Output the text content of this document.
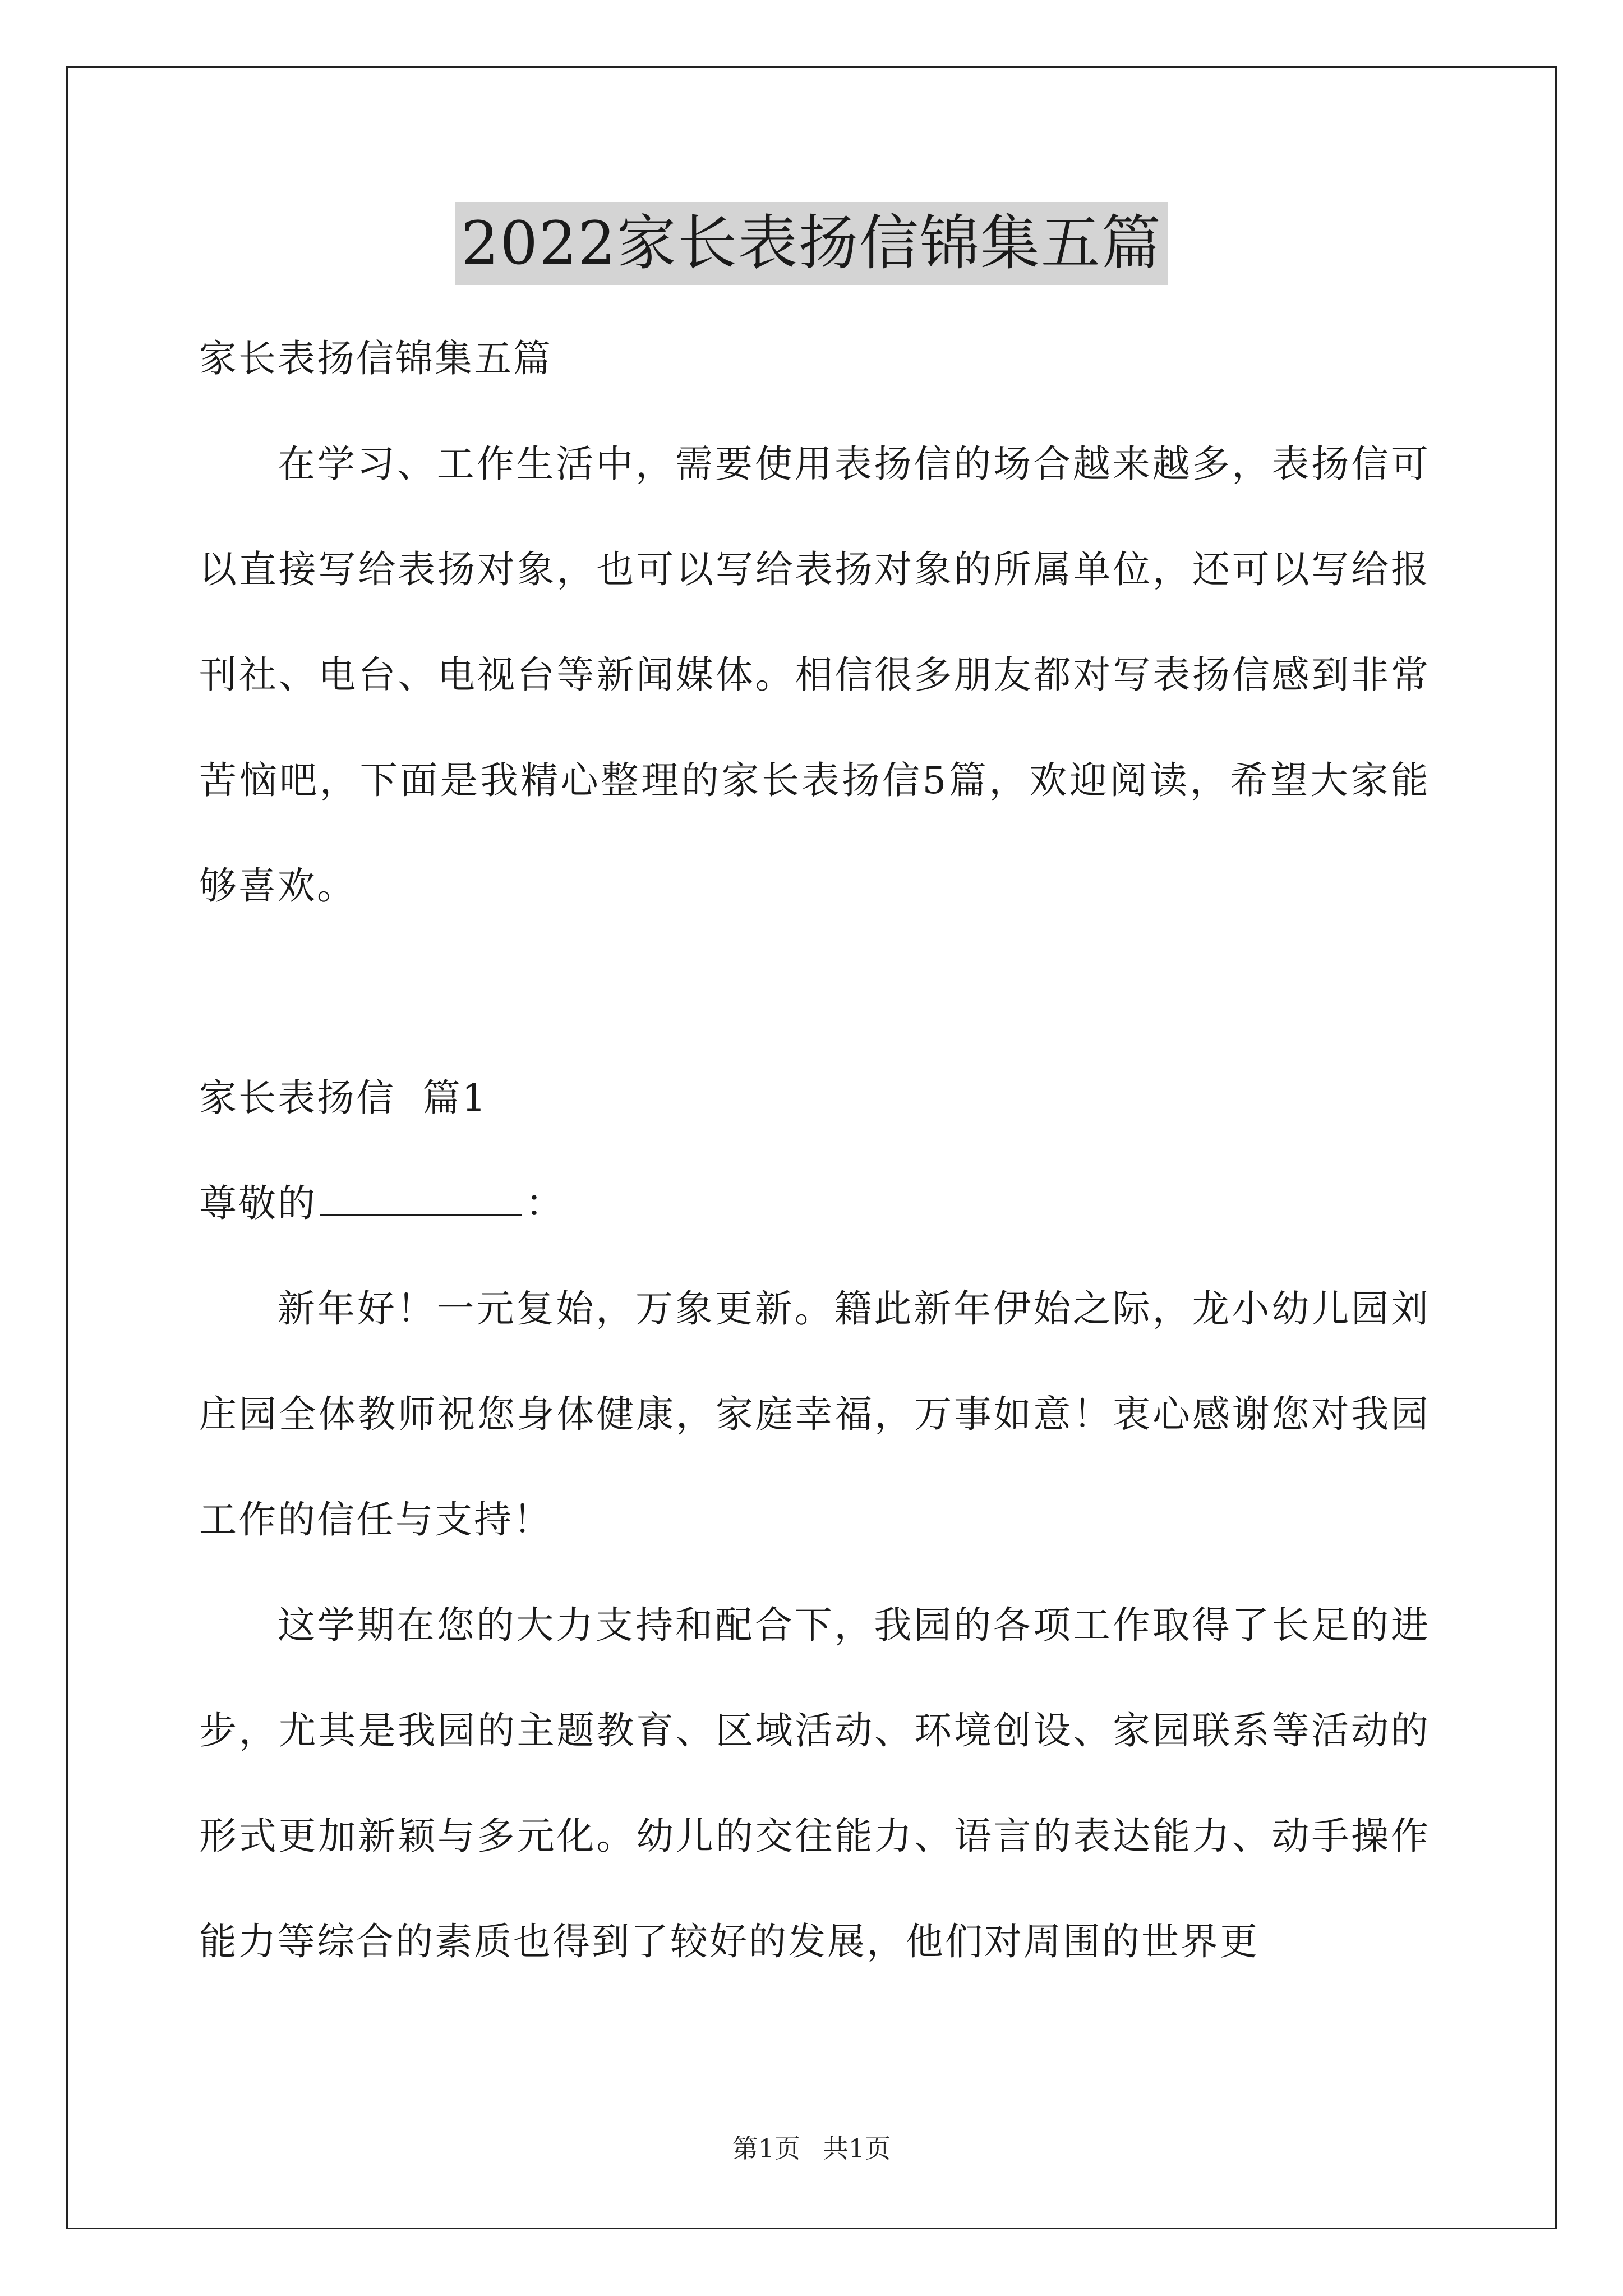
2022家长表扬信锦集五篇

家长表扬信锦集五篇

在学习、工作生活中，需要使用表扬信的场合越来越多，表扬信可以直接写给表扬对象，也可以写给表扬对象的所属单位，还可以写给报刊社、电台、电视台等新闻媒体。相信很多朋友都对写表扬信感到非常苦恼吧，下面是我精心整理的家长表扬信5篇，欢迎阅读，希望大家能够喜欢。

家长表扬信  篇1

尊敬的	：

新年好！一元复始，万象更新。籍此新年伊始之际，龙小幼儿园刘庄园全体教师祝您身体健康，家庭幸福，万事如意！衷心感谢您对我园工作的信任与支持！

这学期在您的大力支持和配合下，我园的各项工作取得了长足的进步，尤其是我园的主题教育、区域活动、环境创设、家园联系等活动的形式更加新颖与多元化。幼儿的交往能力、语言的表达能力、动手操作能力等综合的素质也得到了较好的发展，他们对周围的世界更

第1页 共1页
